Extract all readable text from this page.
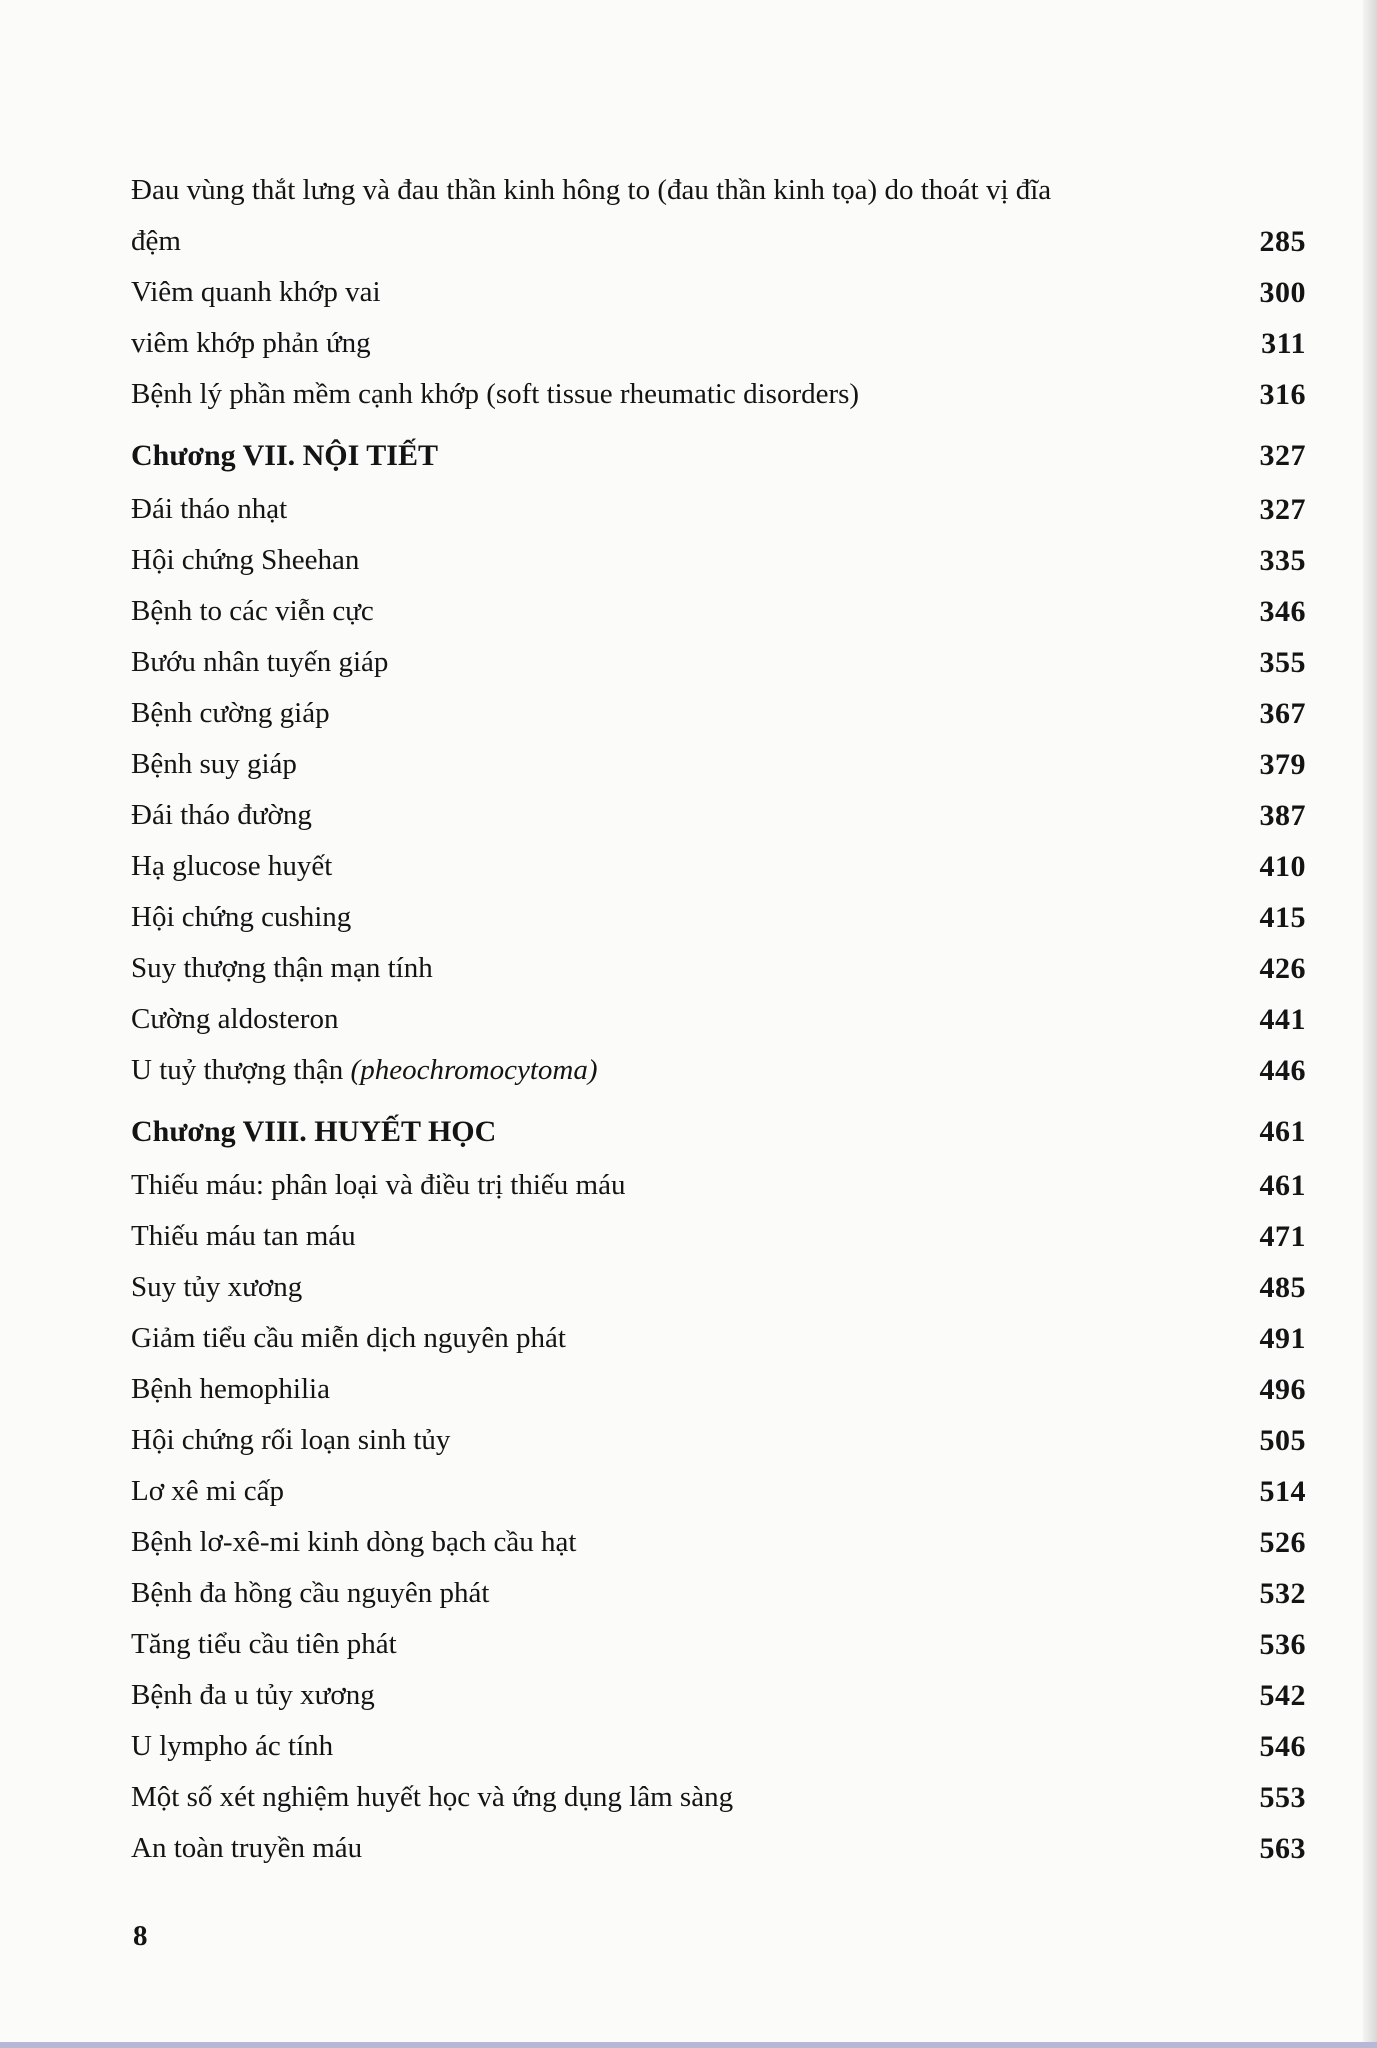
Đau vùng thắt lưng và đau thần kinh hông to (đau thần kinh tọa) do thoát vị đĩa đệm	285
Viêm quanh khớp vai	300
viêm khớp phản ứng	311
Bệnh lý phần mềm cạnh khớp (soft tissue rheumatic disorders)	316
Chương VII. NỘI TIẾT	327
Đái tháo nhạt	327
Hội chứng Sheehan	335
Bệnh to các viễn cực	346
Bướu nhân tuyến giáp	355
Bệnh cường giáp	367
Bệnh suy giáp	379
Đái tháo đường	387
Hạ glucose huyết	410
Hội chứng cushing	415
Suy thượng thận mạn tính	426
Cường aldosteron	441
U tuỷ thượng thận (pheochromocytoma)	446
Chương VIII. HUYẾT HỌC	461
Thiếu máu: phân loại và điều trị thiếu máu	461
Thiếu máu tan máu	471
Suy tủy xương	485
Giảm tiểu cầu miễn dịch nguyên phát	491
Bệnh hemophilia	496
Hội chứng rối loạn sinh tủy	505
Lơ xê mi cấp	514
Bệnh lơ-xê-mi kinh dòng bạch cầu hạt	526
Bệnh đa hồng cầu nguyên phát	532
Tăng tiểu cầu tiên phát	536
Bệnh đa u tủy xương	542
U lympho ác tính	546
Một số xét nghiệm huyết học và ứng dụng lâm sàng	553
An toàn truyền máu	563
8
